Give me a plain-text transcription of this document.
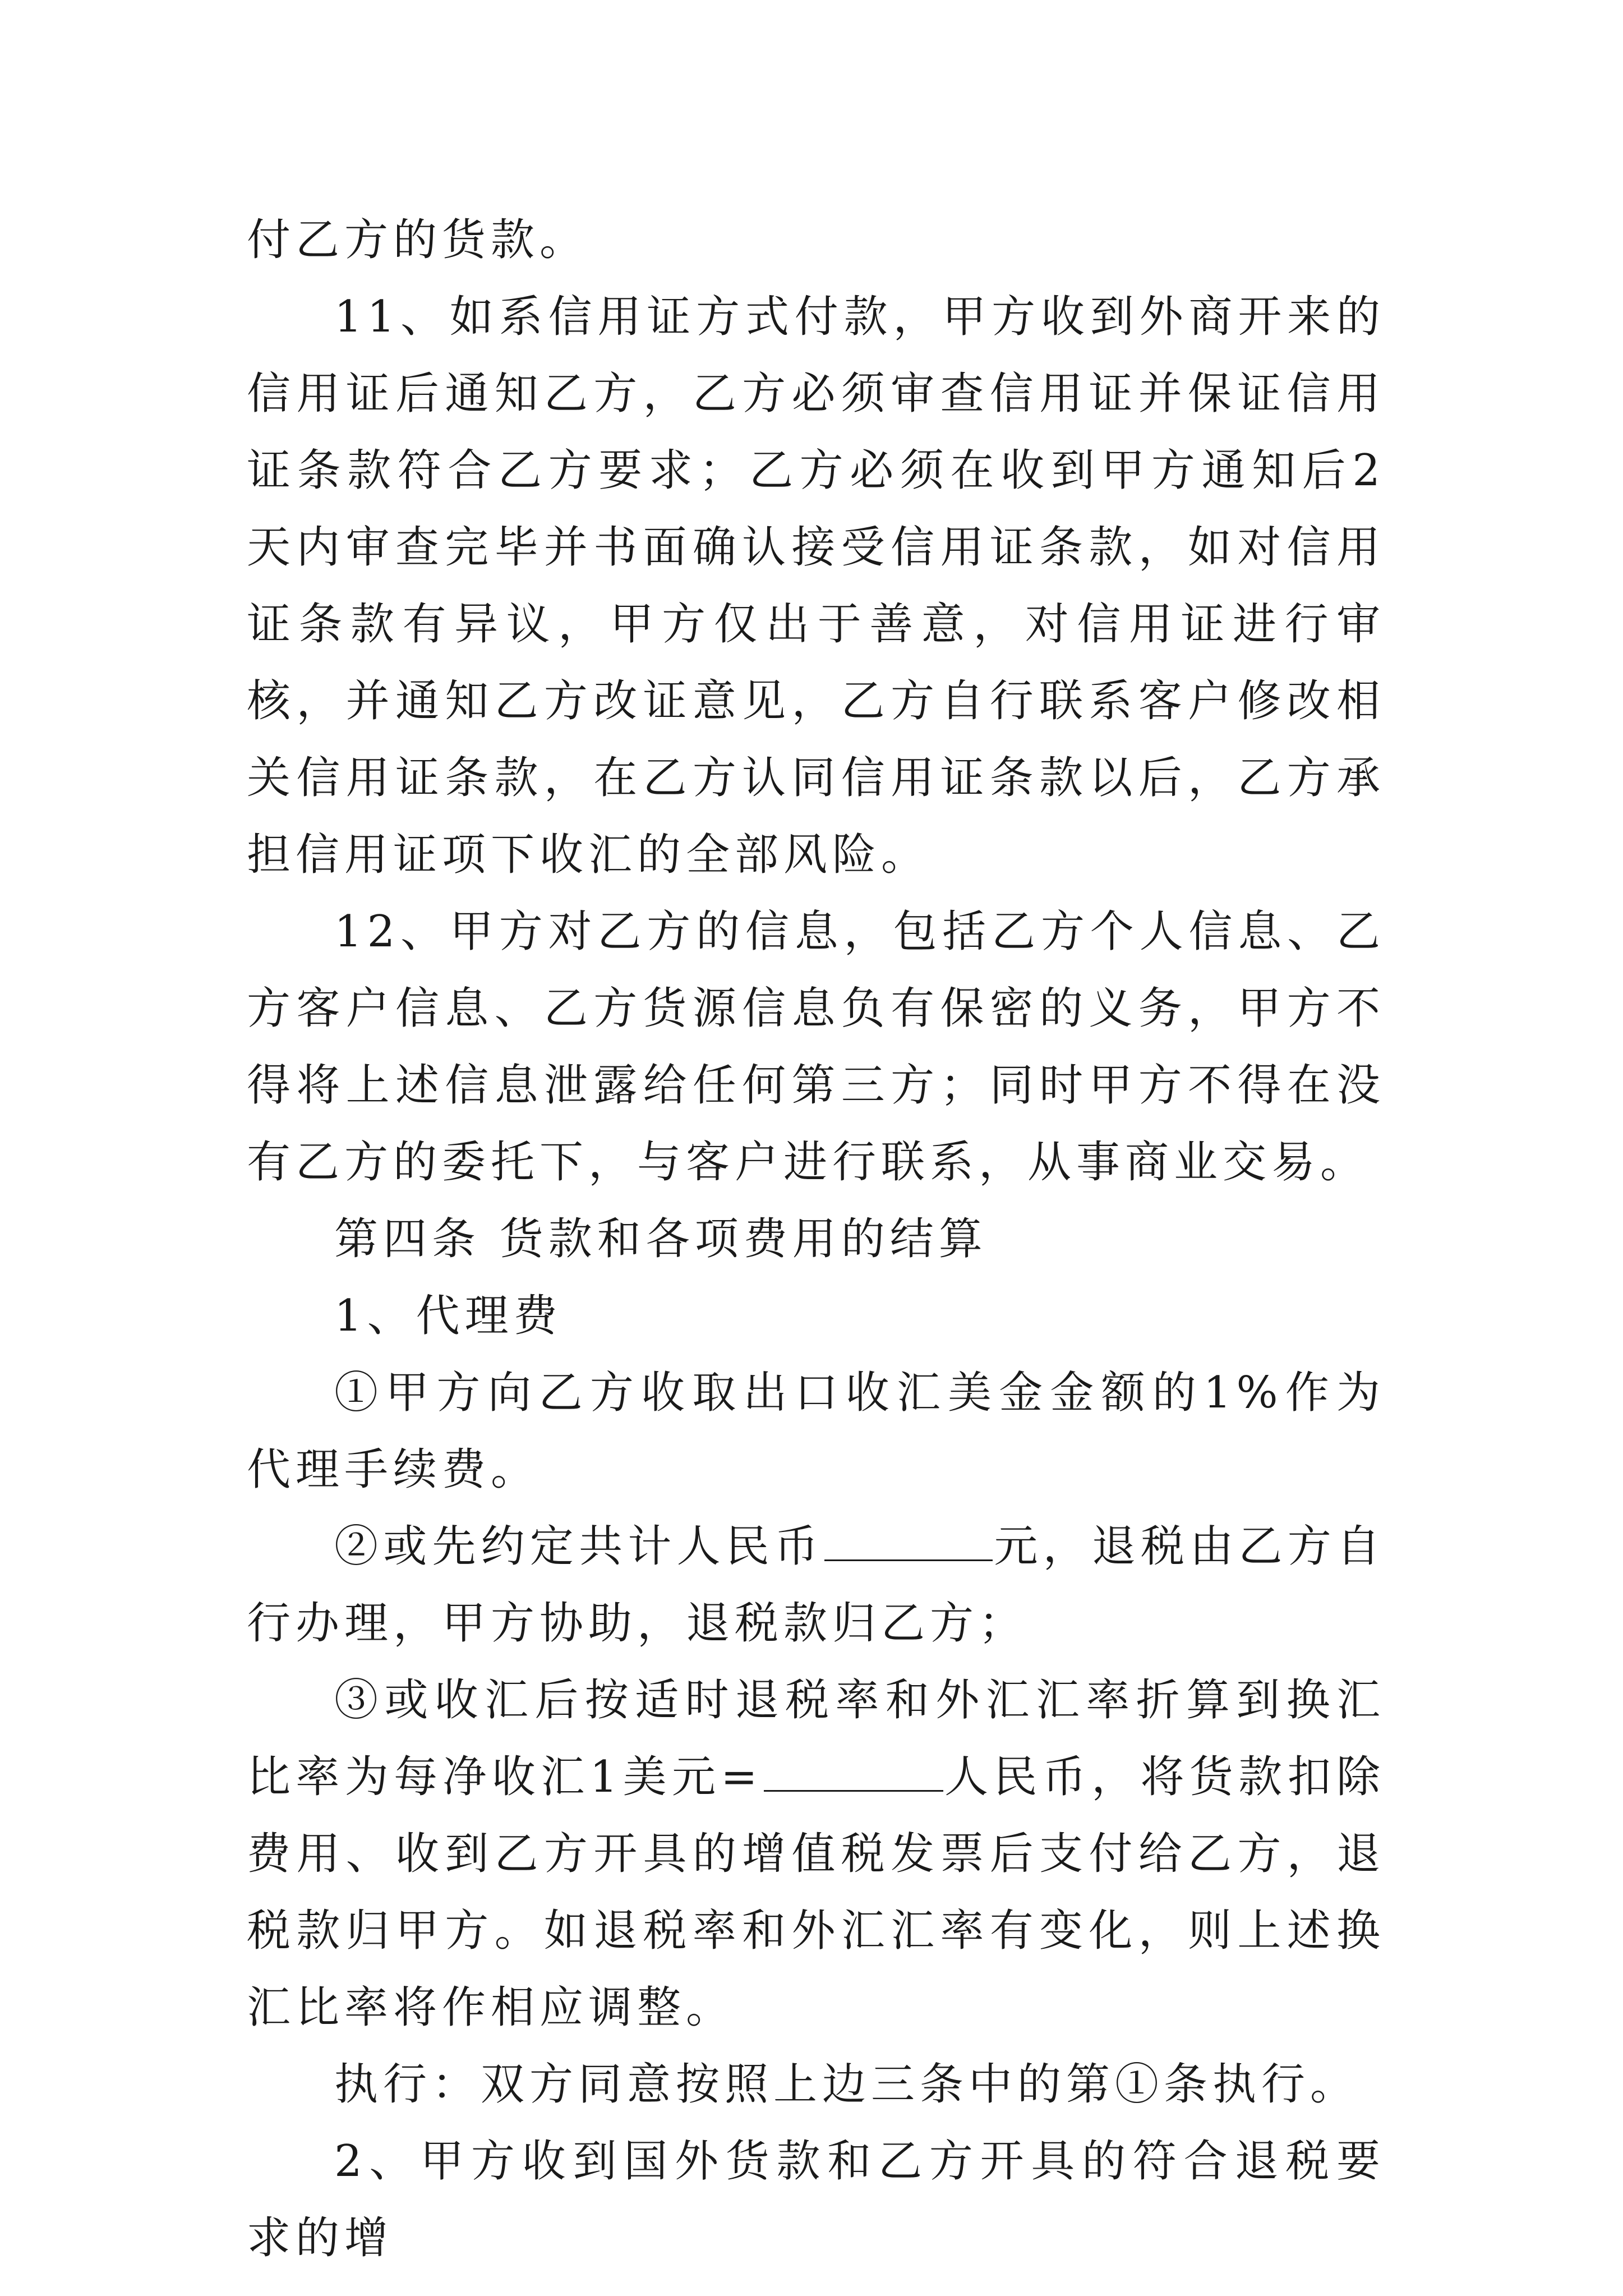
付乙方的货款。

11、如系信用证方式付款，甲方收到外商开来的信用证后通知乙方，乙方必须审查信用证并保证信用证条款符合乙方要求；乙方必须在收到甲方通知后2天内审查完毕并书面确认接受信用证条款，如对信用证条款有异议，甲方仅出于善意，对信用证进行审核，并通知乙方改证意见，乙方自行联系客户修改相关信用证条款，在乙方认同信用证条款以后，乙方承担信用证项下收汇的全部风险。

12、甲方对乙方的信息，包括乙方个人信息、乙方客户信息、乙方货源信息负有保密的义务，甲方不得将上述信息泄露给任何第三方；同时甲方不得在没有乙方的委托下，与客户进行联系，从事商业交易。

第四条 货款和各项费用的结算

1、代理费

①甲方向乙方收取出口收汇美金金额的1%作为代理手续费。

②或先约定共计人民币	元，退税由乙方自行办理，甲方协助，退税款归乙方；

③或收汇后按适时退税率和外汇汇率折算到换汇比率为每净收汇1美元=	人民币，将货款扣除费用、收到乙方开具的增值税发票后支付给乙方，退税款归甲方。如退税率和外汇汇率有变化，则上述换汇比率将作相应调整。

执行：双方同意按照上边三条中的第①条执行。

2、甲方收到国外货款和乙方开具的符合退税要求的增
